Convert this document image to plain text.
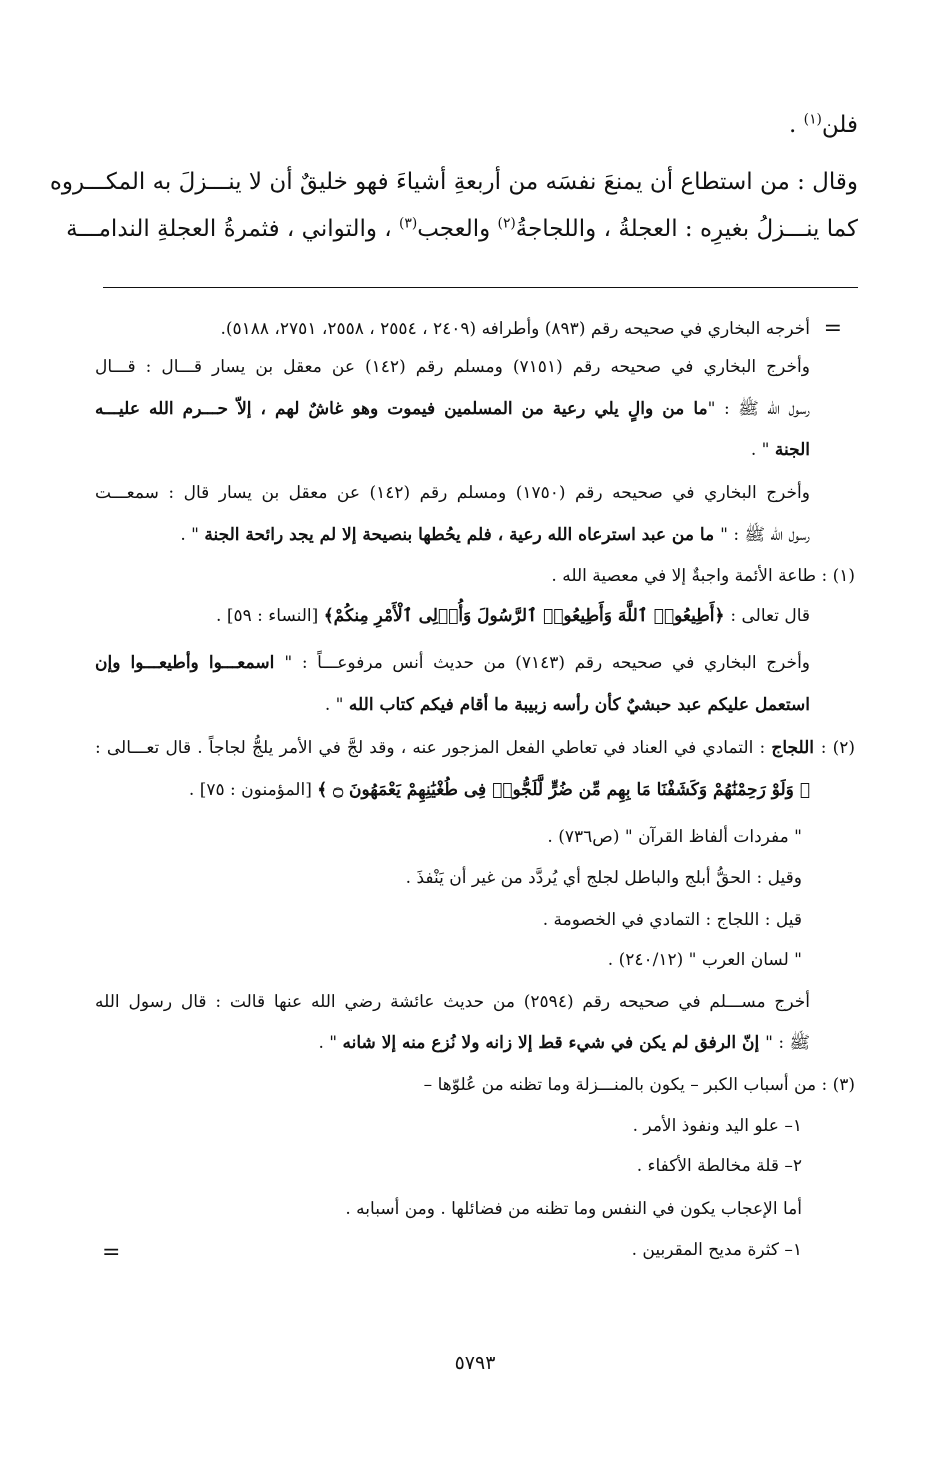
فلن$^{(١)}$ .
وقال : من استطاع أن يمنعَ نفسَه من أربعةِ أشياءَ فهو خليقٌ أن لا ينـــزلَ به المكـــروه
كما ينـــزلُ بغيرِه : العجلةُ ، واللجاجةُ$^{(٢)}$ والعجب$^{(٣)}$ ، والتواني ، فثمرةُ العجلةِ الندامـــة
=
أخرجه البخاري في صحيحه رقم (٨٩٣) وأطرافه (٢٤٠٩ ، ٢٥٥٤ ، ٢٥٥٨، ٢٧٥١، ٥١٨٨).
وأخرج البخاري في صحيحه رقم (٧١٥١) ومسلم رقم (١٤٢) عن معقل بن يسار قـــال : قـــال
رسول الله ﷺ : "ما من والٍ يلي رعية من المسلمين فيموت وهو غاشٌ لهم ، إلاّ حـــرم الله عليـــه
الجنة " .
وأخرج البخاري في صحيحه رقم (١٧٥٠) ومسلم رقم (١٤٢) عن معقل بن يسار قال : سمعـــت
رسول الله ﷺ : " ما من عبد استرعاه الله رعية ، فلم يحُطها بنصيحة إلا لم يجد رائحة الجنة " .
(١) : طاعة الأئمة واجبةٌ إلا في معصية الله .
قال تعالى : ﴿أَطِيعُوا۟ ٱللَّهَ وَأَطِيعُوا۟ ٱلرَّسُولَ وَأُو۟لِى ٱلْأَمْرِ مِنكُمْ﴾ [النساء : ٥٩] .
وأخرج البخاري في صحيحه رقم (٧١٤٣) من حديث أنس مرفوعـــاً : " اسمعـــوا وأطيعـــوا وإن
استعمل عليكم عبد حبشيٌ كأن رأسه زبيبة ما أقام فيكم كتاب الله " .
(٢) : اللجاج : التمادي في العناد في تعاطي الفعل المزجور عنه ، وقد لجَّ في الأمر يلجُّ لجاجاً . قال تعـــالى :
﴿ وَلَوْ رَحِمْنَٰهُمْ وَكَشَفْنَا مَا بِهِم مِّن ضُرٍّ لَّلَجُّوا۟ فِى طُغْيَٰنِهِمْ يَعْمَهُونَ ۝ ﴾ [المؤمنون : ٧٥] .
" مفردات ألفاظ القرآن " (ص٧٣٦) .
وقيل : الحقُّ أبلج والباطل لجلج أي يُردَّد من غير أن يَنْفذَ .
قيل : اللجاج : التمادي في الخصومة .
" لسان العرب " (٢٤٠/١٢) .
أخرج مســـلم في صحيحه رقم (٢٥٩٤) من حديث عائشة رضي الله عنها قالت : قال رسول الله
ﷺ : " إنّ الرفق لم يكن في شيء قط إلا زانه ولا نُزع منه إلا شانه " .
(٣) : من أسباب الكبر – يكون بالمنـــزلة وما تظنه من عُلوّها –
١– علو اليد ونفوذ الأمر .
٢– قلة مخالطة الأكفاء .
أما الإعجاب يكون في النفس وما تظنه من فضائلها . ومن أسبابه .
١– كثرة مديح المقربين .
=
٥٧٩٣
